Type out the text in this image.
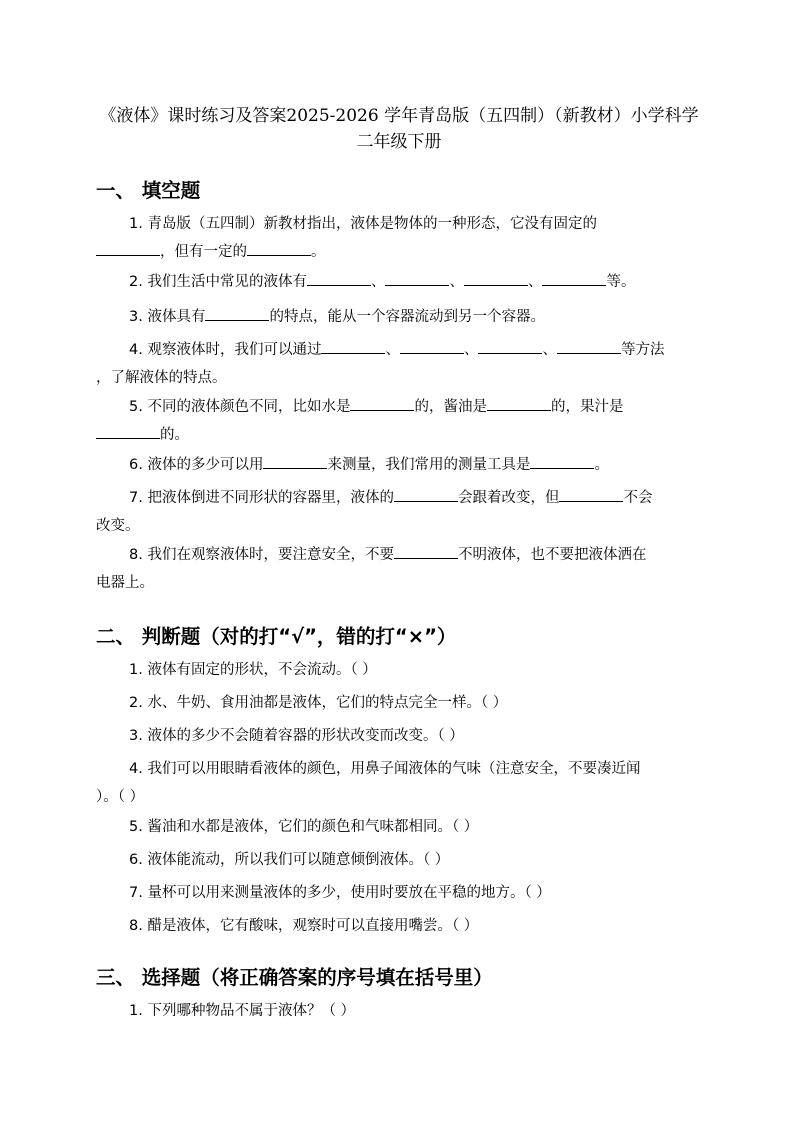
《液体》课时练习及答案2025-2026 学年青岛版（五四制）（新教材）小学科学二年级下册
一、 填空题
1. 青岛版（五四制）新教材指出，液体是物体的一种形态，它没有固定的
，但有一定的	。
2. 我们生活中常见的液体有	、	、	、	等。
3. 液体具有	的特点，能从一个容器流动到另一个容器。
4. 观察液体时，我们可以通过	、	、	、	等方法
，了解液体的特点。
5. 不同的液体颜色不同，比如水是	的，酱油是	的，果汁是
的。
6. 液体的多少可以用	来测量，我们常用的测量工具是	。
7. 把液体倒进不同形状的容器里，液体的	会跟着改变，但	不会
改变。
8. 我们在观察液体时，要注意安全，不要	不明液体，也不要把液体洒在
电器上。
二、 判断题（对的打“√”，错的打“×”）
1. 液体有固定的形状，不会流动。（ ）
2. 水、牛奶、食用油都是液体，它们的特点完全一样。（ ）
3. 液体的多少不会随着容器的形状改变而改变。（ ）
4. 我们可以用眼睛看液体的颜色，用鼻子闻液体的气味（注意安全，不要凑近闻
）。（ ）
5. 酱油和水都是液体，它们的颜色和气味都相同。（ ）
6. 液体能流动，所以我们可以随意倾倒液体。（ ）
7. 量杯可以用来测量液体的多少，使用时要放在平稳的地方。（ ）
8. 醋是液体，它有酸味，观察时可以直接用嘴尝。（ ）
三、 选择题（将正确答案的序号填在括号里）
1. 下列哪种物品不属于液体？（ ）
